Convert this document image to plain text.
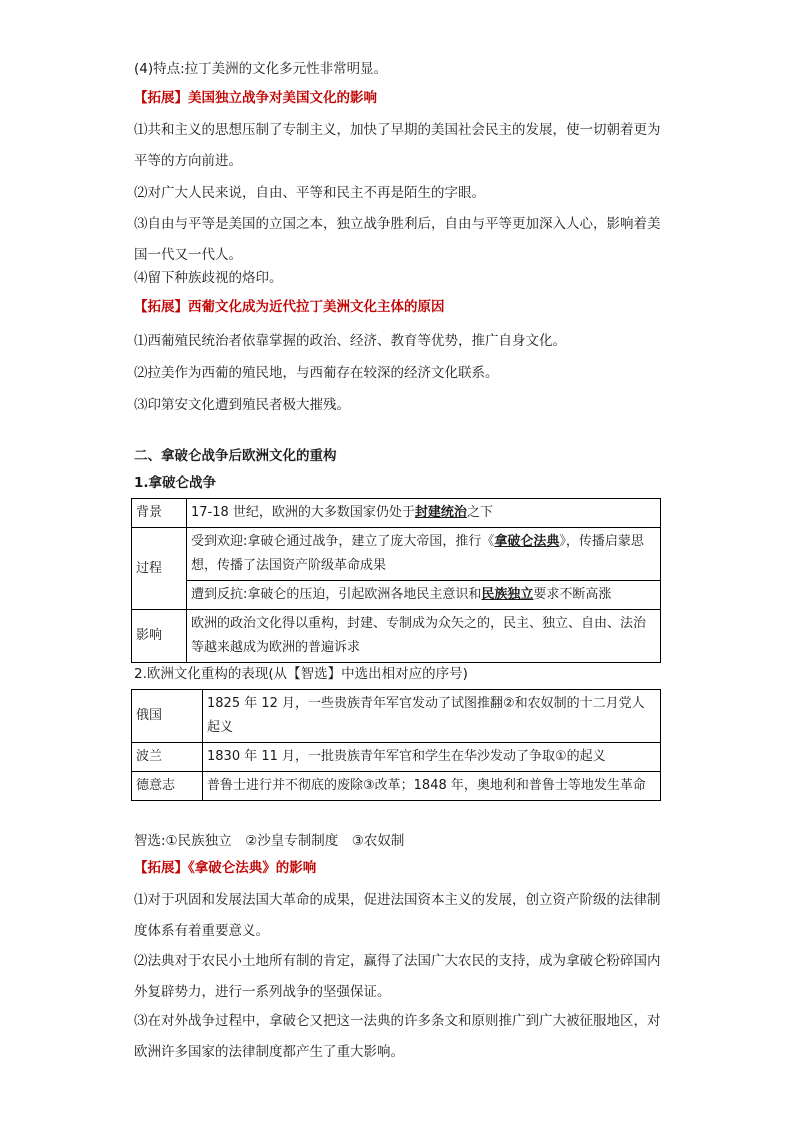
(4)特点:拉丁美洲的文化多元性非常明显。
【拓展】美国独立战争对美国文化的影响
⑴共和主义的思想压制了专制主义，加快了早期的美国社会民主的发展，使一切朝着更为平等的方向前进。
⑵对广大人民来说，自由、平等和民主不再是陌生的字眼。
⑶自由与平等是美国的立国之本，独立战争胜利后，自由与平等更加深入人心，影响着美国一代又一代人。
⑷留下种族歧视的烙印。
【拓展】西葡文化成为近代拉丁美洲文化主体的原因
⑴西葡殖民统治者依靠掌握的政治、经济、教育等优势，推广自身文化。
⑵拉美作为西葡的殖民地，与西葡存在较深的经济文化联系。
⑶印第安文化遭到殖民者极大摧残。
二、拿破仑战争后欧洲文化的重构
1.拿破仑战争
背景	17-18 世纪，欧洲的大多数国家仍处于封建统治之下
过程	受到欢迎:拿破仑通过战争，建立了庞大帝国，推行《拿破仑法典》，传播启蒙思想，传播了法国资产阶级革命成果
	遭到反抗:拿破仑的压迫，引起欧洲各地民主意识和民族独立要求不断高涨
影响	欧洲的政治文化得以重构，封建、专制成为众矢之的，民主、独立、自由、法治等越来越成为欧洲的普遍诉求
2.欧洲文化重构的表现(从【智选】中选出相对应的序号)
俄国	1825 年 12 月，一些贵族青年军官发动了试图推翻②和农奴制的十二月党人起义
波兰	1830 年 11 月，一批贵族青年军官和学生在华沙发动了争取①的起义
德意志	普鲁士进行并不彻底的废除③改革；1848 年，奥地利和普鲁士等地发生革命
智选:①民族独立　②沙皇专制制度　③农奴制
【拓展】《拿破仑法典》的影响
⑴对于巩固和发展法国大革命的成果，促进法国资本主义的发展，创立资产阶级的法律制度体系有着重要意义。
⑵法典对于农民小土地所有制的肯定，赢得了法国广大农民的支持，成为拿破仑粉碎国内外复辟势力，进行一系列战争的坚强保证。
⑶在对外战争过程中，拿破仑又把这一法典的许多条文和原则推广到广大被征服地区，对欧洲许多国家的法律制度都产生了重大影响。
